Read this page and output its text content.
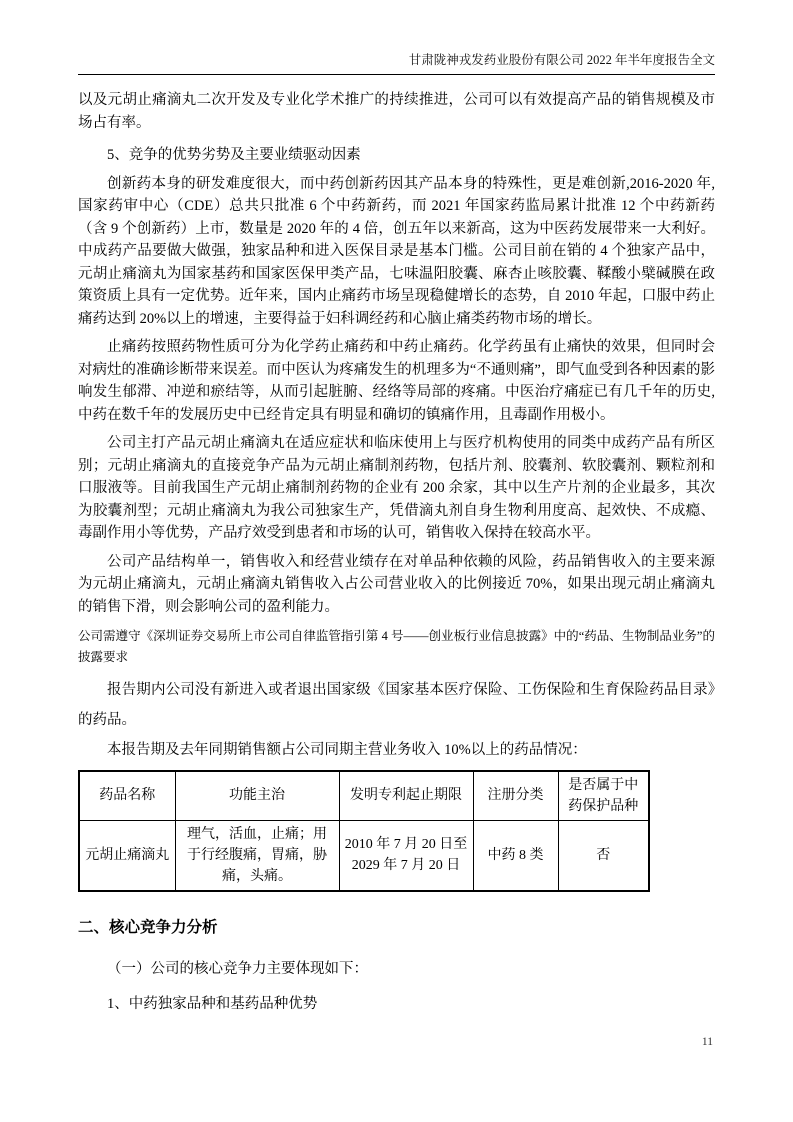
甘肃陇神戎发药业股份有限公司 2022 年半年度报告全文

以及元胡止痛滴丸二次开发及专业化学术推广的持续推进，公司可以有效提高产品的销售规模及市场占有率。

5、竞争的优势劣势及主要业绩驱动因素

创新药本身的研发难度很大，而中药创新药因其产品本身的特殊性，更是难创新,2016-2020 年,国家药审中心（CDE）总共只批准 6 个中药新药，而 2021 年国家药监局累计批准 12 个中药新药（含 9 个创新药）上市，数量是 2020 年的 4 倍，创五年以来新高，这为中医药发展带来一大利好。中成药产品要做大做强，独家品种和进入医保目录是基本门槛。公司目前在销的 4 个独家产品中，元胡止痛滴丸为国家基药和国家医保甲类产品，七味温阳胶囊、麻杏止咳胶囊、鞣酸小檗碱膜在政策资质上具有一定优势。近年来，国内止痛药市场呈现稳健增长的态势，自 2010 年起，口服中药止痛药达到 20%以上的增速，主要得益于妇科调经药和心脑止痛类药物市场的增长。

止痛药按照药物性质可分为化学药止痛药和中药止痛药。化学药虽有止痛快的效果，但同时会对病灶的准确诊断带来误差。而中医认为疼痛发生的机理多为“不通则痛”，即气血受到各种因素的影响发生郁滞、冲逆和瘀结等，从而引起脏腑、经络等局部的疼痛。中医治疗痛症已有几千年的历史,中药在数千年的发展历史中已经肯定具有明显和确切的镇痛作用，且毒副作用极小。

公司主打产品元胡止痛滴丸在适应症状和临床使用上与医疗机构使用的同类中成药产品有所区别；元胡止痛滴丸的直接竞争产品为元胡止痛制剂药物，包括片剂、胶囊剂、软胶囊剂、颗粒剂和口服液等。目前我国生产元胡止痛制剂药物的企业有 200 余家，其中以生产片剂的企业最多，其次为胶囊剂型；元胡止痛滴丸为我公司独家生产，凭借滴丸剂自身生物利用度高、起效快、不成瘾、毒副作用小等优势，产品疗效受到患者和市场的认可，销售收入保持在较高水平。

公司产品结构单一，销售收入和经营业绩存在对单品种依赖的风险，药品销售收入的主要来源为元胡止痛滴丸，元胡止痛滴丸销售收入占公司营业收入的比例接近 70%，如果出现元胡止痛滴丸的销售下滑，则会影响公司的盈利能力。

公司需遵守《深圳证券交易所上市公司自律监管指引第 4 号——创业板行业信息披露》中的“药品、生物制品业务”的披露要求

报告期内公司没有新进入或者退出国家级《国家基本医疗保险、工伤保险和生育保险药品目录》的药品。

本报告期及去年同期销售额占公司同期主营业务收入 10%以上的药品情况：

药品名称	功能主治	发明专利起止期限	注册分类	是否属于中药保护品种
元胡止痛滴丸	理气，活血，止痛；用于行经腹痛，胃痛，胁痛，头痛。	2010 年 7 月 20 日至 2029 年 7 月 20 日	中药 8 类	否
二、核心竞争力分析

（一）公司的核心竞争力主要体现如下：

1、中药独家品种和基药品种优势

11
